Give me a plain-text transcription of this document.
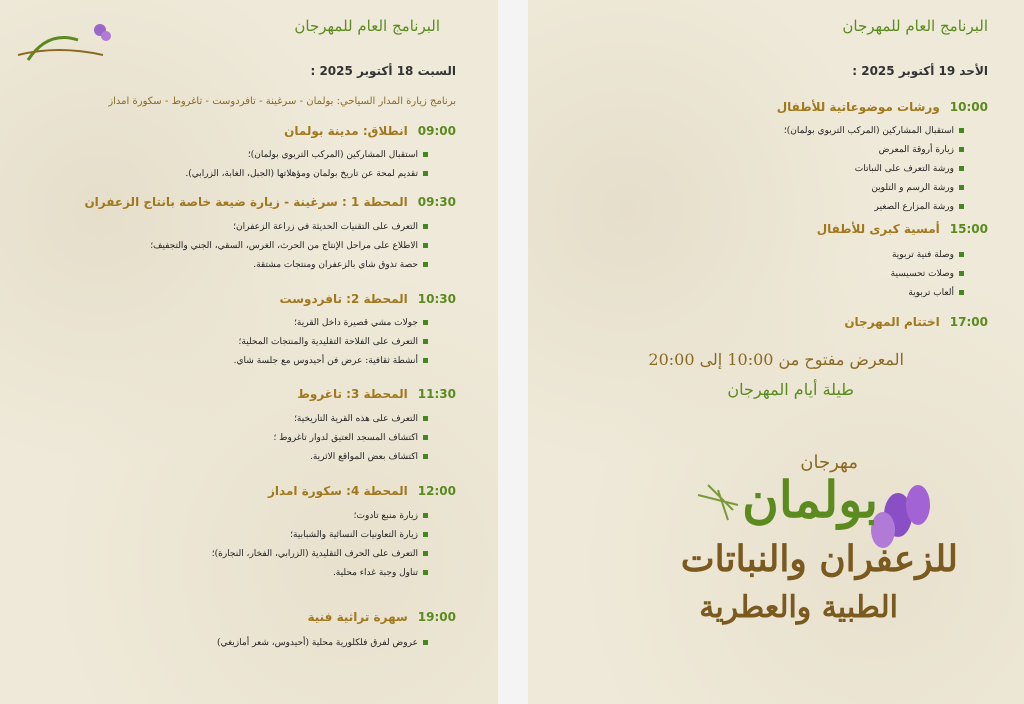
البرنامج العام للمهرجان
السبت 18 أكتوبر 2025 :
برنامج زيارة المدار السياحي: بولمان - سرغينة - تافردوست - تاغروط - سكورة امداز
09:00انطلاق: مدينة بولمان
استقبال المشاركين (المركب التربوي بولمان)؛
تقديم لمحة عن تاريخ بولمان ومؤهلاتها (الجبل، الغابة، الزرابي).
09:30المحطة 1 : سرغينة - زيارة ضيعة خاصة بانتاج الزعفران
التعرف على التقنيات الحديثة في زراعة الزعفران؛
الاطلاع على مراحل الإنتاج من الحرث، الغرس، السقي، الجني والتجفيف؛
حصة تذوق شاي بالزعفران ومنتجات مشتقة.
10:30المحطة 2: تافردوست
جولات مشي قصيرة داخل القرية؛
التعرف على الفلاحة التقليدية والمنتجات المحلية؛
أنشطة ثقافية: عرض فن أحيدوس مع جلسة شاي.
11:30المحطة 3: تاغروط
التعرف على هذه القرية التاريخية؛
اكتشاف المسجد العتيق لدوار تاغروط ؛
اكتشاف بعض المواقع الاثرية.
12:00المحطة 4: سكورة امداز
زيارة منبع تادوت؛
زيارة التعاونيات النسائية والشبابية؛
التعرف على الحرف التقليدية (الزرابي، الفخار، النجارة)؛
تناول وجبة غداء محلية.
19:00سهرة تراثية فنية
عروض لفرق فلكلورية محلية (أحيدوس، شعر أمازيغي)
البرنامج العام للمهرجان
الأحد 19 أكتوبر 2025 :
10:00ورشات موضوعاتية للأطفال
استقبال المشاركين (المركب التربوي بولمان)؛
زيارة أروقة المعرض
ورشة التعرف على النباتات
ورشة الرسم و التلوين
ورشة المزارع الصغير
15:00أمسية كبرى للأطفال
وصلة فنية تربوية
وصلات تحسيسية
ألعاب تربوية
17:00اختتام المهرجان
المعرض مفتوح من 10:00 إلى 20:00
طيلة أيام المهرجان
مهرجان
بولمان
للزعفران والنباتات
الطبية والعطرية
